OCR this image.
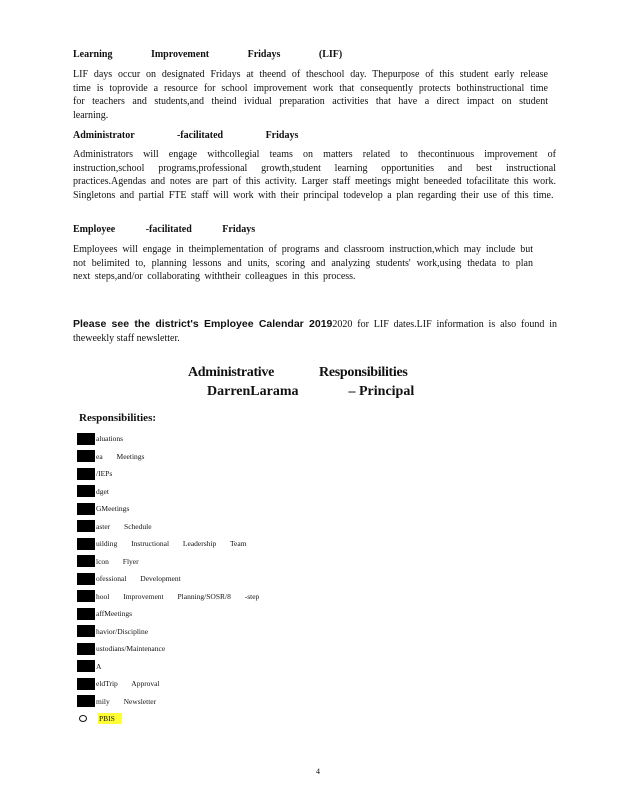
Learning Improvement Fridays (LIF)
LIF days occur on designated Fridays at theend of theschool day. Thepurpose of this student early release time is toprovide a resource for school improvement work that consequently protects bothinstructional time for teachers and students,and theind ividual preparation activities that have a direct impact on student learning.
Administrator -facilitated Fridays
Administrators will engage withcollegial teams on matters related to thecontinuous improvement of instruction,school programs,professional growth,student learning opportunities and best instructional practices.Agendas and notes are part of this activity. Larger staff meetings might beneeded tofacilitate this work. Singletons and partial FTE staff will work with their principal todevelop a plan regarding their use of this time.
Employee -facilitated Fridays
Employees will engage in theimplementation of programs and classroom instruction,which may include but not belimited to, planning lessons and units, scoring and analyzing students' work,using thedata to plan next steps,and/or collaborating withtheir colleagues in this process.
Please see the district's Employee Calendar 20192020 for LIF dates.LIF information is also found in theweekly staff newsletter.
Administrative	Responsibilities
DarrenLarama	– Principal
Responsibilities:
aluations
ea Meetings
/IEPs
dget
GMeetings
aster Schedule
uilding Instructional Leadership Team
lcon Flyer
ofessional Development
hool Improvement Planning/SOSR/8 -step
affMeetings
havior/Discipline
ustodians/Maintenance
A
eldTrip Approval
mily Newsletter
PBIS
4
